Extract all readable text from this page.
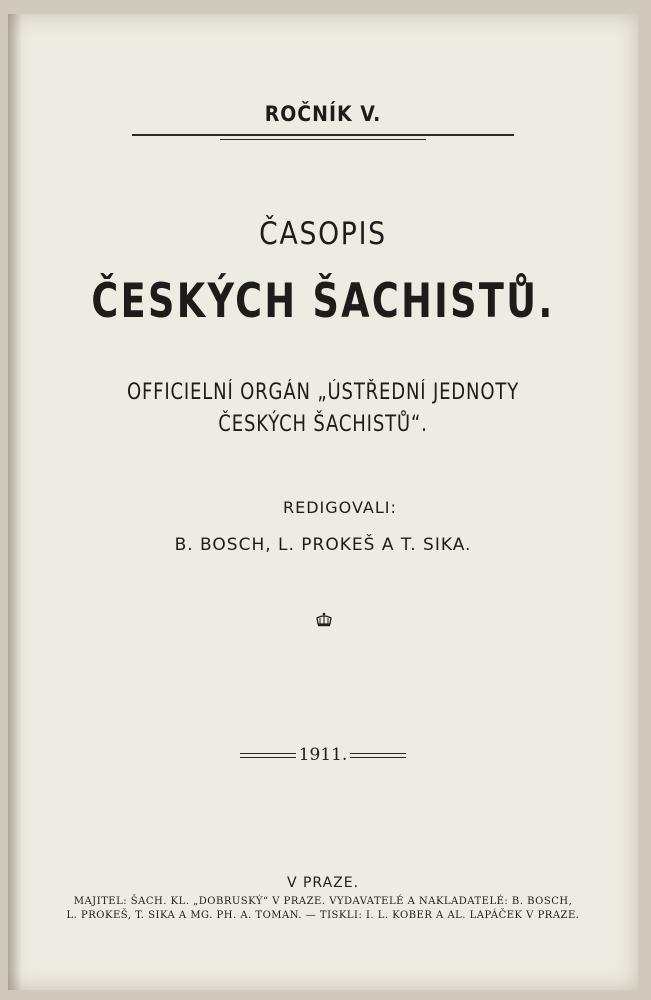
ROČNÍK V.
ČASOPIS
ČESKÝCH ŠACHISTŮ.
OFFICIELNÍ ORGÁN „ÚSTŘEDNÍ JEDNOTY
ČESKÝCH ŠACHISTŮ“.
REDIGOVALI:
B. BOSCH, L. PROKEŠ A T. SIKA.
1911.
V PRAZE.
MAJITEL: ŠACH. KL. „DOBRUSKÝ“ V PRAZE. VYDAVATELÉ A NAKLADATELÉ: B. BOSCH,
L. PROKEŠ, T. SIKA A MG. PH. A. TOMAN. — TISKLI: I. L. KOBER A AL. LAPÁČEK V PRAZE.
